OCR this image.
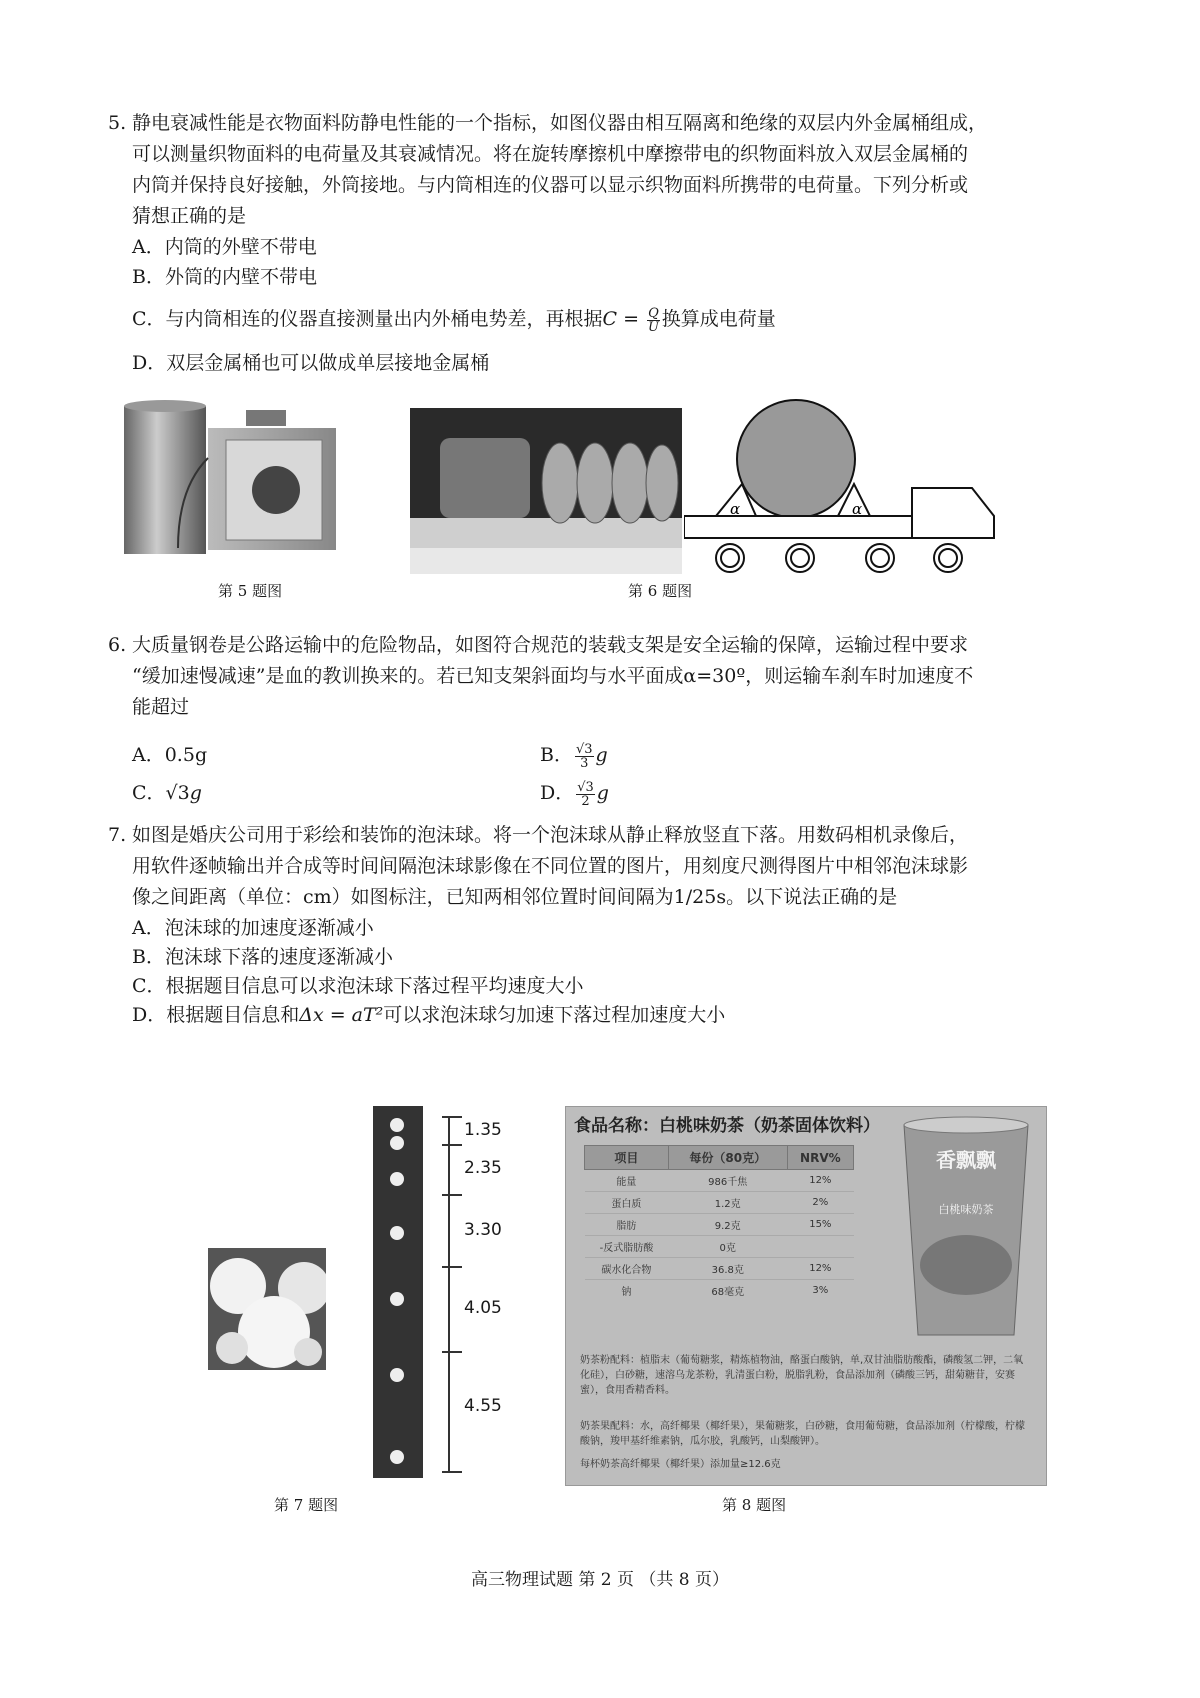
5. 静电衰减性能是衣物面料防静电性能的一个指标，如图仪器由相互隔离和绝缘的双层内外金属桶组成，

可以测量织物面料的电荷量及其衰减情况。将在旋转摩擦机中摩擦带电的织物面料放入双层金属桶的

内筒并保持良好接触，外筒接地。与内筒相连的仪器可以显示织物面料所携带的电荷量。下列分析或

猜想正确的是

A．内筒的外壁不带电
B．外筒的内壁不带电
C．与内筒相连的仪器直接测量出内外桶电势差，再根据$C = \frac{Q}{U}$ 换算成电荷量
D．双层金属桶也可以做成单层接地金属桶
第 5 题图
α	α
第 6 题图
6. 大质量钢卷是公路运输中的危险物品，如图符合规范的装载支架是安全运输的保障，运输过程中要求

“缓加速慢减速”是血的教训换来的。若已知支架斜面均与水平面成α=30º，则运输车刹车时加速度不

能超过

A．0.5g	B． $\frac{√3}{3}$ g
C．√3g	D． $\frac{√3}{2}$ g
7. 如图是婚庆公司用于彩绘和装饰的泡沫球。将一个泡沫球从静止释放竖直下落。用数码相机录像后，

用软件逐帧输出并合成等时间间隔泡沫球影像在不同位置的图片，用刻度尺测得图片中相邻泡沫球影

像之间距离（单位：cm）如图标注，已知两相邻位置时间间隔为1/25s。以下说法正确的是

A．泡沫球的加速度逐渐减小
B．泡沫球下落的速度逐渐减小
C．根据题目信息可以求泡沫球下落过程平均速度大小
D．根据题目信息和Δx = aT²可以求泡沫球匀加速下落过程加速度大小
1.35
2.35
3.30
4.05
4.55
第 7 题图
食品名称：白桃味奶茶（奶茶固体饮料）
项目	每份（80克）	NRV%
能量	986千焦	12%
蛋白质	1.2克	2%
脂肪	9.2克	15%
-反式脂肪酸	0克	
碳水化合物	36.8克	12%
钠	68毫克	3%
香飘飘
白桃味奶茶
奶茶粉配料：植脂末（葡萄糖浆，精炼植物油，酪蛋白酸钠，单,双甘油脂肪酸酯，磷酸氢二钾，二氧化硅），白砂糖，速溶乌龙茶粉，乳清蛋白粉，脱脂乳粉，食品添加剂（磷酸三钙，甜菊糖苷，安赛蜜），食用香精香料。
奶茶果配料：水，高纤椰果（椰纤果），果葡糖浆，白砂糖，食用葡萄糖，食品添加剂（柠檬酸，柠檬酸钠，羧甲基纤维素钠，瓜尔胶，乳酸钙，山梨酸钾）。
每杯奶茶高纤椰果（椰纤果）添加量≥12.6克
第 8 题图
高三物理试题 第 2 页 （共 8 页）
